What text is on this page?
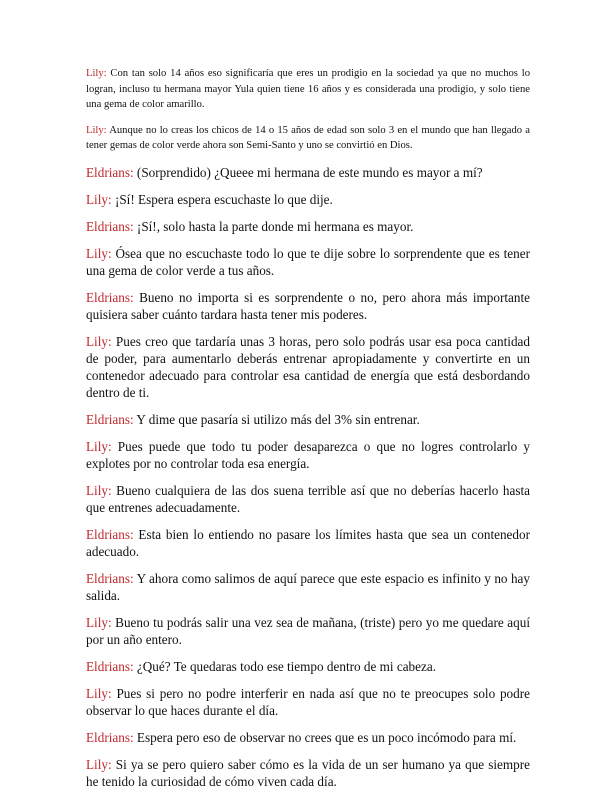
Lily: Con tan solo 14 años eso significaría que eres un prodigio en la sociedad ya que no muchos lo logran, incluso tu hermana mayor Yula quien tiene 16 años y es considerada una prodigio, y solo tiene una gema de color amarillo.

Lily: Aunque no lo creas los chicos de 14 o 15 años de edad son solo 3 en el mundo que han llegado a tener gemas de color verde ahora son Semi-Santo y uno se convirtió en Dios.

Eldrians: (Sorprendido) ¿Queee mi hermana de este mundo es mayor a mí?

Lily: ¡Sí! Espera espera escuchaste lo que dije.

Eldrians: ¡Sí!, solo hasta la parte donde mi hermana es mayor.

Lily: Ósea que no escuchaste todo lo que te dije sobre lo sorprendente que es tener una gema de color verde a tus años.

Eldrians: Bueno no importa si es sorprendente o no, pero ahora más importante quisiera saber cuánto tardara hasta tener mis poderes.

Lily: Pues creo que tardaría unas 3 horas, pero solo podrás usar esa poca cantidad de poder, para aumentarlo deberás entrenar apropiadamente y convertirte en un contenedor adecuado para controlar esa cantidad de energía que está desbordando dentro de ti.

Eldrians: Y dime que pasaría si utilizo más del 3% sin entrenar.

Lily: Pues puede que todo tu poder desaparezca o que no logres controlarlo y explotes por no controlar toda esa energía.

Lily: Bueno cualquiera de las dos suena terrible así que no deberías hacerlo hasta que entrenes adecuadamente.

Eldrians: Esta bien lo entiendo no pasare los límites hasta que sea un contenedor adecuado.

Eldrians: Y ahora como salimos de aquí parece que este espacio es infinito y no hay salida.

Lily: Bueno tu podrás salir una vez sea de mañana, (triste) pero yo me quedare aquí por un año entero.

Eldrians: ¿Qué? Te quedaras todo ese tiempo dentro de mi cabeza.

Lily: Pues si pero no podre interferir en nada así que no te preocupes solo podre observar lo que haces durante el día.

Eldrians: Espera pero eso de observar no crees que es un poco incómodo para mí.

Lily: Si ya se pero quiero saber cómo es la vida de un ser humano ya que siempre he tenido la curiosidad de cómo viven cada día.
